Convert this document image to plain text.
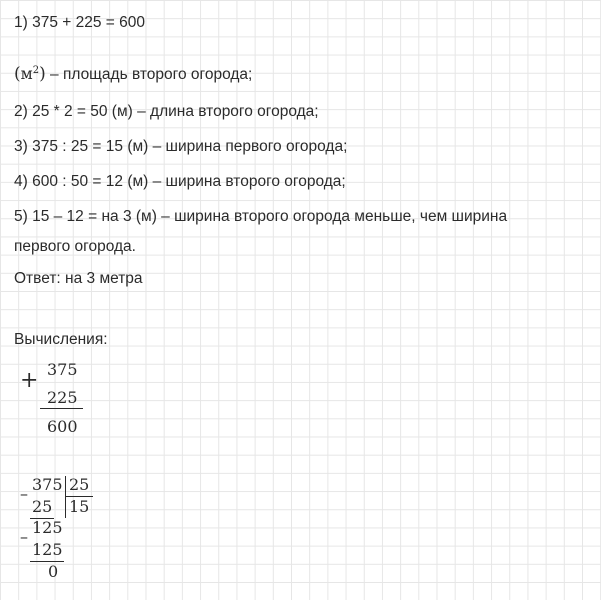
1) 375 + 225 = 600
$(м^2)$ – площадь второго огорода;
2) 25 * 2 = 50 (м) – длина второго огорода;
3) 375 : 25 = 15 (м) – ширина первого огорода;
4) 600 : 50 = 12 (м) – ширина второго огорода;
5) 15 – 12 = на 3 (м) – ширина второго огорода меньше, чем ширина
первого огорода.
Ответ: на 3 метра
Вычисления:
+ 375
225
600
– 375 25
15
25
– 125
125
0
